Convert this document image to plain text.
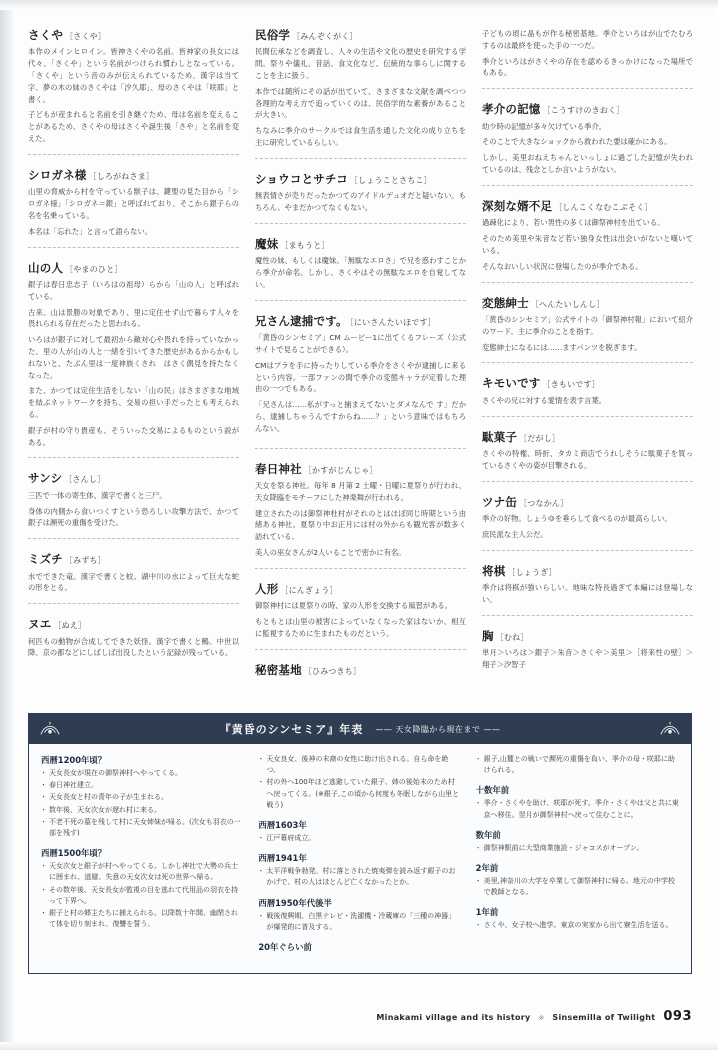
さくや ［さくや］

本作のメインヒロイン。皆神さくやの名前。皆神家の長女には代々、「さくや」という名前がつけられ慣わしとなっている。「さくや」という音のみが伝えられているため、漢字は当て字、夢の木の妹のさくやは「汐久耶」、母のさくやは「咲耶」と書く。

子どもが産まれると名前を引き継ぐため、母は名前を変えることがあるため、さくやの母はさくや誕生後「さや」と名前を変えた。

シロガネ様 ［しろがねさま］

山里の脅威から村を守っている獣子は、鍵聖の見た目から「シロガネ様」「シロガネ＝銀」と呼ばれており、そこから銀子らの名を名乗っている。

本名は「忘れた」と言って語らない。

山の人 ［やまのひと］

銀子は春日忠志子（いろはの祖母）らから「山の人」と呼ばれている。

古来、山は景勝の対象であり、里に定住せず山で暮らす人々を畏れられる存在だったと思われる。

いろはが銀子に対して最初から敵対心や畏れを持っていなかった、里の人が山の人と一緒を引いてきた歴史があるからかもしれないと、たぶん里は一度神族くされ　はさく偶見を持たなくなった。

また、かつては定住生活をしない「山の民」はさまざまな地域を結ぶネットワークを持ち、交易の担い手だったとも考えられる。

銀子が村の守り貴産も、そういった交易によるものという説がある。

サンシ ［さんし］

三匹で一体の寄生体、漢字で書くと三尸。

身体の内側から食いつくすという恐ろしい攻撃方法で、かつて銀子は瀕死の重傷を受けた。

ミズチ ［みずち］

水でできた竜。漢字で書くと蛟。湖中川の水によって巨大な蛇の形をとる。

ヌエ ［ぬえ］

何匹もの動物が合成してできた妖怪。漢字で書くと鵺。中世以降、京の都などにしばしば出没したという記録が残っている。

民俗学 ［みんぞくがく］

民間伝承などを調査し、人々の生活や文化の歴史を研究する学問。祭りや儀礼、昔話、食文化など、伝統的な事らしに関することを主に扱う。

本作では随所にその話が出ていて、さまざまな文献を調べつつ各理的な考え方で追っていくのは、民俗学的な素養があることが大きい。

ちなみに季介のサークルでは食生活を通した文化の成り立ちを主に研究しているらしい。

ショウコとサチコ ［しょうことさちこ］

無表情さが売りだったかつてのアイドルデュオだと疑いない。もちろん、やまだかつてなくもない。

魔妹 ［まもうと］

魔性の妹、もしくは魔妹。「無駄なエロさ」で兄を惑わすことから季介が命名。しかし、さくやはその無駄なエロを自覚してない。

兄さん逮捕です。 ［にいさんたいほです］

「黄昏のシンセミア」CM ムービー1に出てくるフレーズ（公式サイトで見ることができる）。

CMはプラを手に持ったりしている季介をさくやが逮捕しに来るという内容。一部ファンの間で季介の変態キャラが定着した理由の一つでもある。

「兄さんは……私がすっと捕まえてないとダメなんで す」だから、逮捕しちゃうんですからね……？」という意味ではもちろんない。

春日神社 ［かすがじんじゃ］

天女を祭る神社。毎年 8 月第 2 土曜・日曜に夏祭りが行われ、天女降臨をモチーフにした神楽舞が行われる。

建立されたのは御祭神杜村がそれのとはほぼ同じ時期という由緒ある神社。夏祭り中お正月には村の外からも観光客が数多く訪れている。

美人の巫女さんが2人いることで密かに有名。

人形 ［にんぎょう］

御祭神村には夏祭りの時、家の人形を交換する風習がある。

もともとは山里の被害によっていなくなった家はないか、相互に監視するために生まれたものだという。

秘密基地 ［ひみつきち］

子どもの頃に晶もが作る秘密基地。季介といろはが山でたむろするのは最終を使った手の一つだ。

季介といろはがさくやの存在を認めるきっかけになった場所でもある。

孝介の記憶 ［こうすけのきおく］

幼少時の記憶が多々欠けている季介。

そのことで大きなショックから救われた要は確かにある。

しかし、美里おねえちゃんといっしょに過ごした記憶が失われているのは、残念としか言いようがない。

深刻な婿不足 ［しんこくなむこぶそく］

過疎化により、若い男性の多くは御祭神村を出ている。

そのため美里や朱音など若い独身女性は出会いがないと嘆いている。

そんなおいしい状況に登場したのが季介である。

変態紳士 ［へんたいしんし］

「黄昏のシンセミア」公式サイトの「御祭神村報」において紹介のワード。主に季介のことを指す。

変態紳士になるには……ますパンツを脱ぎます。

キモいです ［きもいです］

さくやの兄に対する愛情を表す言葉。

駄菓子 ［だがし］

さくやの特権、時折、タカミ商店でうれしそうに駄菓子を買っているさくやの姿が目撃される。

ツナ缶 ［つなかん］

季介の好物。しょうゆを垂らして食べるのが最高らしい。

庶民派な主人公だ。

将棋 ［しょうぎ］

季介は将棋が強いらしい。地味な特長過ぎて本編には登場しない。

胸 ［むね］

単月＞いろは＞銀子＞朱音＞さくや＞美里＞［将来性の壁］＞翔子＞汐智子

『黄昏のシンセミア』年表 —— 天女降臨から現在まで ——
西暦1200年頃？
・ 天女長女が現在の御祭神村へやってくる。
・ 春日神社建立。
・ 天女長女と村の青年の子が生まれる。
・ 数年後、天女次女が遅れ村に来る。
・ 不老不死の墓を残して村に天女姉妹が帰る。(次女も羽衣の一部を残す)
西暦1500年頃？
・ 天女次女と銀子が村へやってくる。しかし神社で大勢の兵士に囲まれ、逃避、失意の天女次女は死の世界へ帰る。
・ その数年後、天女長女が監視の目を逃れて代用品の羽衣を持って下界へ。
・ 銀子と村の郷主たちに捕えられる。以降数十年間、幽閉されて体を切り刻まれ、復讐を誓う。
・ 天女良女、後神の末裔の女性に助け出される。自ら命を絶つ。
・ 村の外へ100年ほど逃避していた銀子、姉の後始末のため村へ戻ってくる。(※銀子,この頃から何度も冬眠しながら山里と戦う)
西暦1603年
・ 江戸幕府成立。
西暦1941年
・ 太平洋戦争勃発。村に落とされた焼夷弾を読み返す銀子のおかげで、村の人はほとんど亡くなかったとか。
西暦1950年代後半
・ 戦後復興期、白黒テレビ・洗濯機・冷蔵庫の「三種の神器」が爆発的に普及する。
20年ぐらい前
・ 銀子,山麓との戦いで瀕死の重傷を負い、季介の母・咲耶に助けられる。
十数年前
・ 季介・さくやを助け、咲耶が死す。季介・さくやは父と共に東京へ移住。翌月が御祭神村へ戻って住むことに。
数年前
・ 御祭神駅前に大型商業施設・ジャコスがオープン。
2年前
・ 美里,神奈川の大学を卒業して御祭神村に帰る。地元の中学校で教師となる。
1年前
・ さくや、女子校へ進学。東京の実家から出て寮生活を送る。
Minakami village and its history ※ Sinsemilla of Twilight 093
